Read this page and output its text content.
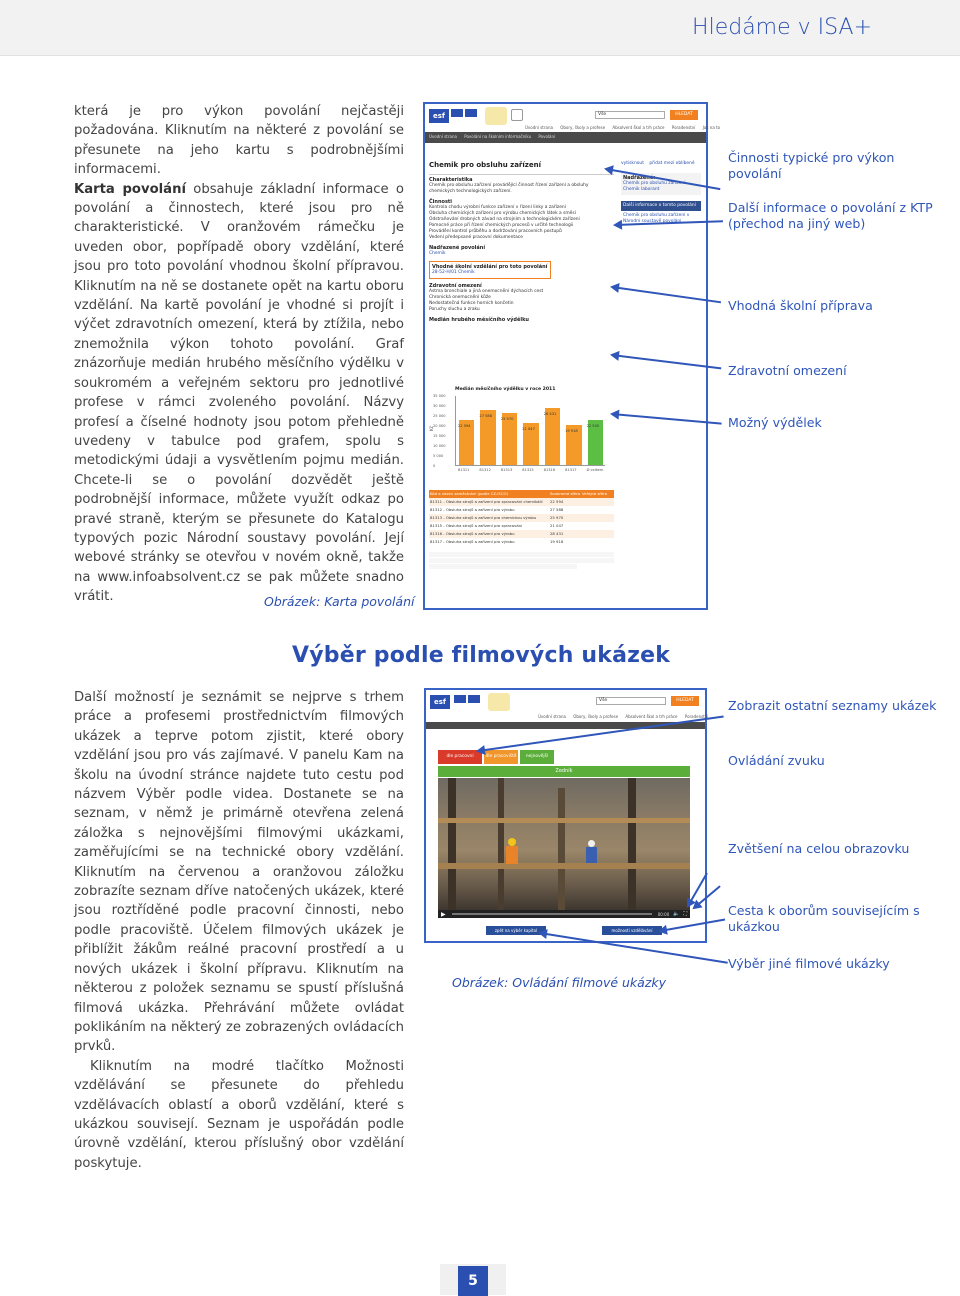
Hledáme v ISA+

která je pro výkon povolání nejčastěji požadována. Kliknutím na některé z povolání se přesunete na jeho kartu s podrobnějšími informacemi.

Karta povolání obsahuje základní informace o povolání a činnostech, které jsou pro ně charakteristické. V oranžovém rámečku je uveden obor, popřípadě obory vzdělání, které jsou pro toto povolání vhodnou školní přípravou. Kliknutím na ně se dostanete opět na kartu oboru vzdělání. Na kartě povolání je vhodné si projít i výčet zdravotních omezení, která by ztížila, nebo znemožnila výkon tohoto povolání. Graf znázorňuje medián hrubého měsíčního výdělku v soukromém a veřejném sektoru pro jednotlivé profese v rámci zvoleného povolání. Názvy profesí a číselné hodnoty jsou potom přehledně uvedeny v tabulce pod grafem, spolu s metodickými údaji a vysvětlením pojmu medián. Chcete-li se o povolání dozvědět ještě podrobnější informace, můžete využít odkaz po pravé straně, kterým se přesunete do Katalogu typových pozic Národní soustavy povolání. Její webové stránky se otevřou v novém okně, takže na www.infoabsolvent.cz se pak můžete snadno vrátit.	Obrázek: Karta povolání
esf	Vše	HLEDAT
Úvodní strana Obory, školy a profese Absolvent škol a trh práce Poradenství Jak na to
Úvodní strana Povolání na školním informačníku Povolání
Chemik pro obsluhu zařízení
Charakteristika
Chemik pro obsluhu zařízení provádějící činnost řízení zařízení a obsluhy chemických technologických zařízení.
Činnosti
Kontrola chodu výrobní funkce zařízení v řízení linky a zařízení
Obsluha chemických zařízení pro výrobu chemických látek a směsí
Odstraňování drobných závad na strojním a technologickém zařízení
Pomocné práce při řízení chemických procesů v určité technologii
Provádění kontrol průběhu a dodržování pracovních postupů
Vedení předepsané pracovní dokumentace
Nadřazené povolání
Chemik
Vhodné školní vzdělání pro toto povolání
28-52-H/01 Chemik
Zdravotní omezení
Astma bronchiale a jiná onemocnění dýchacích cest
Chronická onemocnění kůže
Nedostatečná funkce horních končetin
Poruchy sluchu a zraku
Medián hrubého měsíčního výdělku
vytisknout přidat mezi oblíbené
Nadřazené:
Chemik pro obsluhu zařízení
Chemik laborant
Další informace o tomto povolání
Chemik pro obsluhu zařízení v Národní soustavě povolání
Medián měsíčního výdělku v roce 2011
Kč
35 000
30 000
25 000
20 000
15 000
10 000
5 000
0
22 594
27 588
25 970
21 047
28 431
19 918
22 500
81311	81312	81313	81315	81316	81317	Ø celkem
Kód a název zaměstnání (podle CZ-ISCO)	Soukromá sféra Veřejná sféra
81311 - Obsluha strojů a zařízení pro zpracování chemikálií	22 594
81312 - Obsluha strojů a zařízení pro výrobu	27 588
81313 - Obsluha strojů a zařízení pro chemickou výrobu	25 970
81315 - Obsluha strojů a zařízení pro zpracování	21 047
81316 - Obsluha strojů a zařízení pro výrobu	28 431
81317 - Obsluha strojů a zařízení pro výrobu	19 918
Činnosti typické pro výkon povolání
Další informace o povolání z KTP (přechod na jiný web)
Vhodná školní příprava
Zdravotní omezení
Možný výdělek
Výběr podle filmových ukázek

Další možností je seznámit se nejprve s trhem práce a profesemi prostřednictvím filmových ukázek a teprve potom zjistit, které obory vzdělání jsou pro vás zajímavé. V panelu Kam na školu na úvodní stránce najdete tuto cestu pod názvem Výběr podle videa. Dostanete se na seznam, v němž je primárně otevřena zelená záložka s nejnovějšími filmovými ukázkami, zaměřujícími se na technické obory vzdělání. Kliknutím na červenou a oranžovou záložku zobrazíte seznam dříve natočených ukázek, které jsou roztříděné podle pracovní činnosti, nebo podle pracoviště. Účelem filmových ukázek je přiblížit žákům reálné pracovní prostředí a u nových ukázek i školní přípravu. Kliknutím na některou z položek seznamu se spustí příslušná filmová ukázka. Přehrávání můžete ovládat poklikáním na některý ze zobrazených ovládacích prvků.

Kliknutím na modré tlačítko Možnosti vzdělávání se přesunete do přehledu vzdělávacích oblastí a oborů vzdělání, které s ukázkou souvisejí. Seznam je uspořádán podle úrovně vzdělání, kterou příslušný obor vzdělání poskytuje.

esf	Vše	HLEDAT
Úvodní strana Obory, školy a profese Absolvent škol a trh práce Poradenství
dle pracovní	dle pracoviště	nejnovější
Zedník
▶	00:00 🔈 ⛶
zpět na výběr kapitol	možnosti vzdělávání
Obrázek: Ovládání filmové ukázky
Zobrazit ostatní seznamy ukázek
Ovládání zvuku
Zvětšení na celou obrazovku
Cesta k oborům souvisejícím s ukázkou
Výběr jiné filmové ukázky
5
